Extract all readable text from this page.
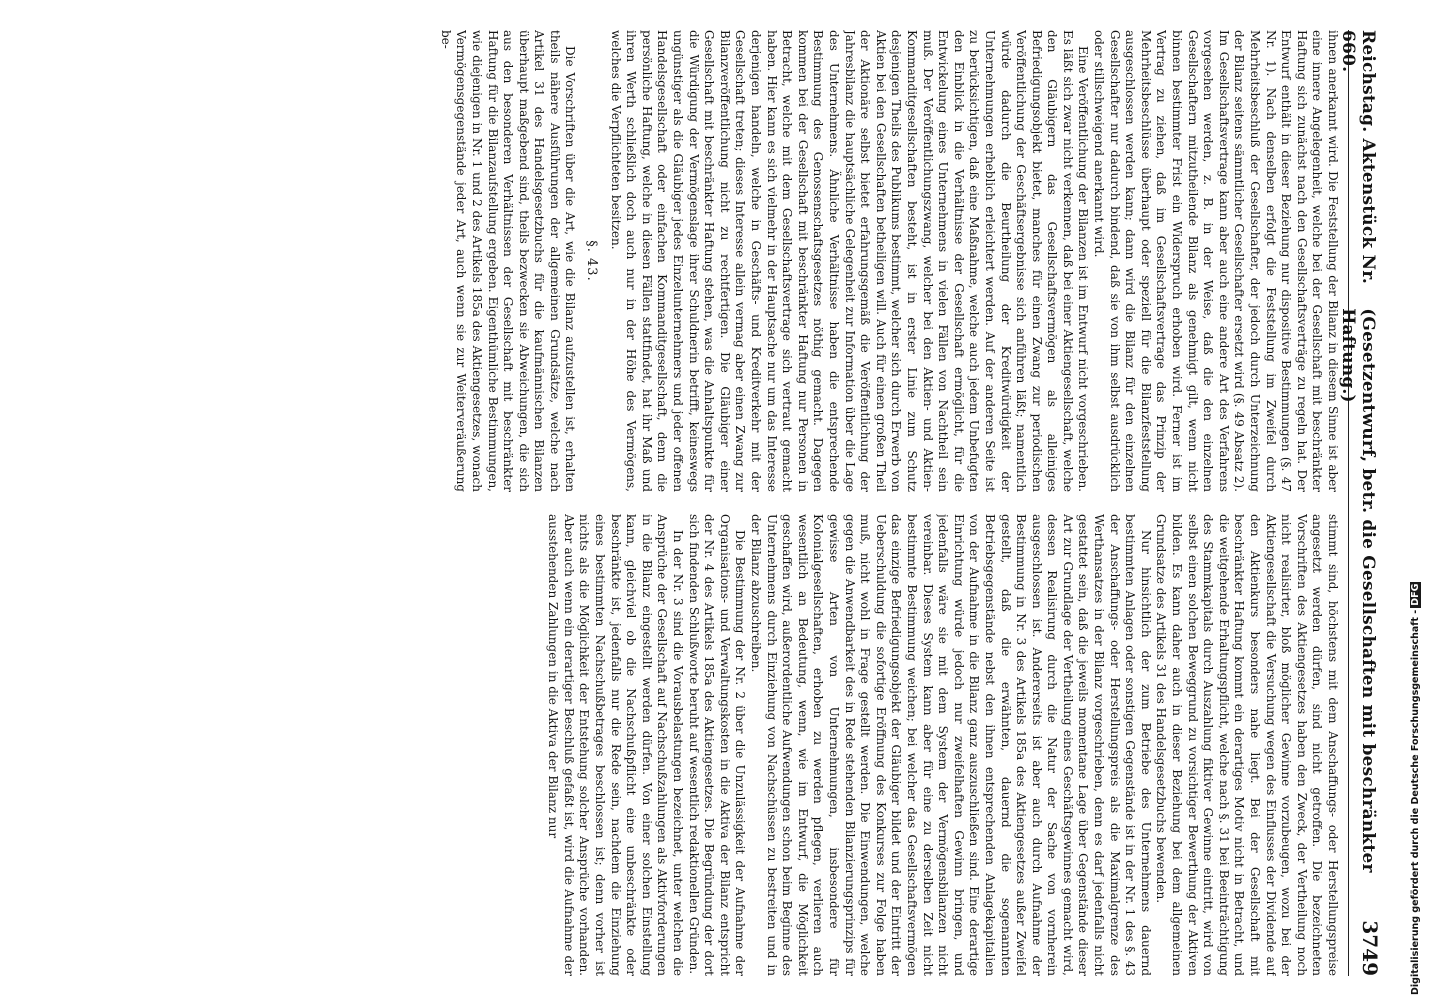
Reichstag. Aktenstück Nr. 660.
(Gesetzentwurf, betr. die Gesellschaften mit beschränkter Haftung.)
3749

ihnen anerkannt wird. Die Feststellung der Bilanz in diesem Sinne ist aber eine innere Angelegenheit, welche bei der Gesellschaft mit beschränkter Haftung sich zunächst nach den Gesellschaftsverträge zu regeln hat. Der Entwurf enthält in dieser Beziehung nur dispositive Bestimmungen (§. 47 Nr. 1). Nach denselben erfolgt die Feststellung im Zweifel durch Mehrheitsbeschluß der Gesellschafter, der jedoch durch Unterzeichnung der Bilanz seitens sämmtlicher Gesellschafter ersetzt wird (§. 49 Absatz 2). Im Gesellschaftsvertrage kann aber auch eine andere Art des Verfahrens vorgesehen werden, z. B. in der Weise, daß die den einzelnen Gesellschaftern mitzutheilende Bilanz als genehmigt gilt, wenn nicht binnen bestimmter Frist ein Widerspruch erhoben wird. Ferner ist im Vertrag zu ziehen, daß im Gesellschaftsvertrage das Prinzip der Mehrheitsbeschlüsse überhaupt oder speziell für die Bilanzfeststellung ausgeschlossen werden kann; dann wird die Bilanz für den einzelnen Gesellschafter nur dadurch bindend, daß sie von ihm selbst ausdrücklich oder stillschweigend anerkannt wird.

Eine Veröffentlichung der Bilanzen ist im Entwurf nicht vorgeschrieben. Es läßt sich zwar nicht verkennen, daß bei einer Aktiengesellschaft, welche den Gläubigern das Gesellschaftsvermögen als alleiniges Befriedigungsobjekt bietet, manches für einen Zwang zur periodischen Veröffentlichung der Geschäftsergebnisse sich anführen läßt; namentlich würde dadurch die Beurtheilung der Kreditwürdigkeit der Unternehmungen erheblich erleichtert werden. Auf der anderen Seite ist zu berücksichtigen, daß eine Maßnahme, welche auch jedem Unbefugten den Einblick in die Verhältnisse der Gesellschaft ermöglicht, für die Entwickelung eines Unternehmens in vielen Fällen von Nachtheil sein muß. Der Veröffentlichungszwang, welcher bei den Aktien- und Aktien-Kommanditgesellschaften besteht, ist in erster Linie zum Schutz desjenigen Theils des Publikums bestimmt, welcher sich durch Erwerb von Aktien bei den Gesellschaften betheiligen will. Auch für einen großen Theil der Aktionäre selbst bietet erfahrungsgemäß die Veröffentlichung der Jahresbilanz die hauptsächliche Gelegenheit zur Information über die Lage des Unternehmens. Ähnliche Verhältnisse haben die entsprechende Bestimmung des Genossenschaftsgesetzes nöthig gemacht. Dagegen kommen bei der Gesellschaft mit beschränkter Haftung nur Personen in Betracht, welche mit dem Gesellschaftsvertrage sich vertraut gemacht haben. Hier kann es sich vielmehr in der Hauptsache nur um das Interesse derjenigen handeln, welche in Geschäfts- und Kreditverkehr mit der Gesellschaft treten; dieses Interesse allein vermag aber einen Zwang zur Bilanzveröffentlichung nicht zu rechtfertigen. Die Gläubiger einer Gesellschaft mit beschränkter Haftung stehen, was die Anhaltspunkte für die Würdigung der Vermögenslage ihrer Schuldnerin betrifft, keineswegs ungünstiger als die Gläubiger jedes Einzelunternehmers und jeder offenen Handelsgesellschaft oder einfachen Kommanditgesellschaft, denn die persönliche Haftung, welche in diesen Fällen stattfindet, hat ihr Maß und ihren Werth schließlich doch auch nur in der Höhe des Vermögens, welches die Verpflichteten besitzen.

§. 43.

Die Vorschriften über die Art, wie die Bilanz aufzustellen ist, erhalten theils nähere Ausführungen der allgemeinen Grundsätze, welche nach Artikel 31 des Handelsgesetzbuchs für die kaufmännischen Bilanzen überhaupt maßgebend sind, theils bezwecken sie Abweichungen, die sich aus den besonderen Verhältnissen der Gesellschaft mit beschränkter Haftung für die Bilanzaufstellung ergeben. Eigenthümliche Bestimmungen, wie diejenigen in Nr. 1 und 2 des Artikels 185a des Aktiengesetzes, wonach Vermögensgegenstände jeder Art, auch wenn sie zur Weiterveräußerung be-

stimmt sind, höchstens mit dem Anschaffungs- oder Herstellungspreise angesetzt werden dürfen, sind nicht getroffen. Die bezeichneten Vorschriften des Aktiengesetzes haben den Zweck, der Vertheilung noch nicht realisirter, bloß möglicher Gewinne vorzubeugen, wozu bei der Aktiengesellschaft die Versuchung wegen des Einflusses der Dividende auf den Aktienkurs besonders nahe liegt. Bei der Gesellschaft mit beschränkter Haftung kommt ein derartiges Motiv nicht in Betracht, und die weitgehende Erhaltungspflicht, welche nach §. 31 bei Beeinträchtigung des Stammkapitals durch Auszahlung fiktiver Gewinne eintritt, wird von selbst einen solchen Beweggrund zu vorsichtiger Bewerthung der Aktiven bilden. Es kann daher auch in dieser Beziehung bei dem allgemeinen Grundsatze des Artikels 31 des Handelsgesetzbuchs bewenden.

Nur hinsichtlich der zum Betriebe des Unternehmens dauernd bestimmten Anlagen oder sonstigen Gegenstände ist in der Nr. 1 des §. 43 der Anschaffungs- oder Herstellungspreis als die Maximalgrenze des Werthansatzes in der Bilanz vorgeschrieben, denn es darf jedenfalls nicht gestattet sein, daß die jeweils momentane Lage über Gegenstände dieser Art zur Grundlage der Vertheilung eines Geschäftsgewinnes gemacht wird, dessen Realisirung durch die Natur der Sache von vornherein ausgeschlossen ist. Andererseits ist aber auch durch Aufnahme der Bestimmung in Nr. 3 des Artikels 185a des Aktiengesetzes außer Zweifel gestellt, daß die erwähnten, dauernd die sogenannten Betriebsgegenstände nebst den ihnen entsprechenden Anlagekapitalien von der Aufnahme in die Bilanz ganz auszuschließen sind. Eine derartige Einrichtung würde jedoch nur zweifelhaften Gewinn bringen, und jedenfalls wäre sie mit dem System der Vermögensbilanzen nicht vereinbar. Dieses System kann aber für eine zu derselben Zeit nicht bestimmte Bestimmung weichen; bei welcher das Gesellschaftsvermögen das einzige Befriedigungsobjekt der Gläubiger bildet und der Eintritt der Ueberschuldung die sofortige Eröffnung des Konkurses zur Folge haben muß, nicht wohl in Frage gestellt werden. Die Einwendungen, welche gegen die Anwendbarkeit des in Rede stehenden Bilanzierungsprinzips für gewisse Arten von Unternehmungen, insbesondere für Kolonialgesellschaften, erhoben zu werden pflegen, verlieren auch wesentlich an Bedeutung, wenn, wie im Entwurf, die Möglichkeit geschaffen wird, außerordentliche Aufwendungen schon beim Beginne des Unternehmens durch Einziehung von Nachschüssen zu bestreiten und in der Bilanz abzuschreiben.

Die Bestimmung der Nr. 2 über die Unzulässigkeit der Aufnahme der Organisations- und Verwaltungskosten in die Aktiva der Bilanz entspricht der Nr. 4 des Artikels 185a des Aktiengesetzes. Die Begründung der dort sich findenden Schlußworte beruht auf wesentlich redaktionellen Gründen.

In der Nr. 3 sind die Vorausbelastungen bezeichnet, unter welchen die Ansprüche der Gesellschaft auf Nachschußzahlungen als Aktivforderungen in die Bilanz eingestellt werden dürfen. Von einer solchen Einstellung kann, gleichviel ob die Nachschußpflicht eine unbeschränkte oder beschränkte ist, jedenfalls nur die Rede sein, nachdem die Einziehung eines bestimmten Nachschußbetrages beschlossen ist; denn vorher ist nichts als die Möglichkeit der Entstehung solcher Ansprüche vorhanden. Aber auch wenn ein derartiger Beschluß gefaßt ist, wird die Aufnahme der ausstehenden Zahlungen in die Aktiva der Bilanz nur	Digitalisierung gefördert durch die Deutsche Forschungsgemeinschaft -DFG
